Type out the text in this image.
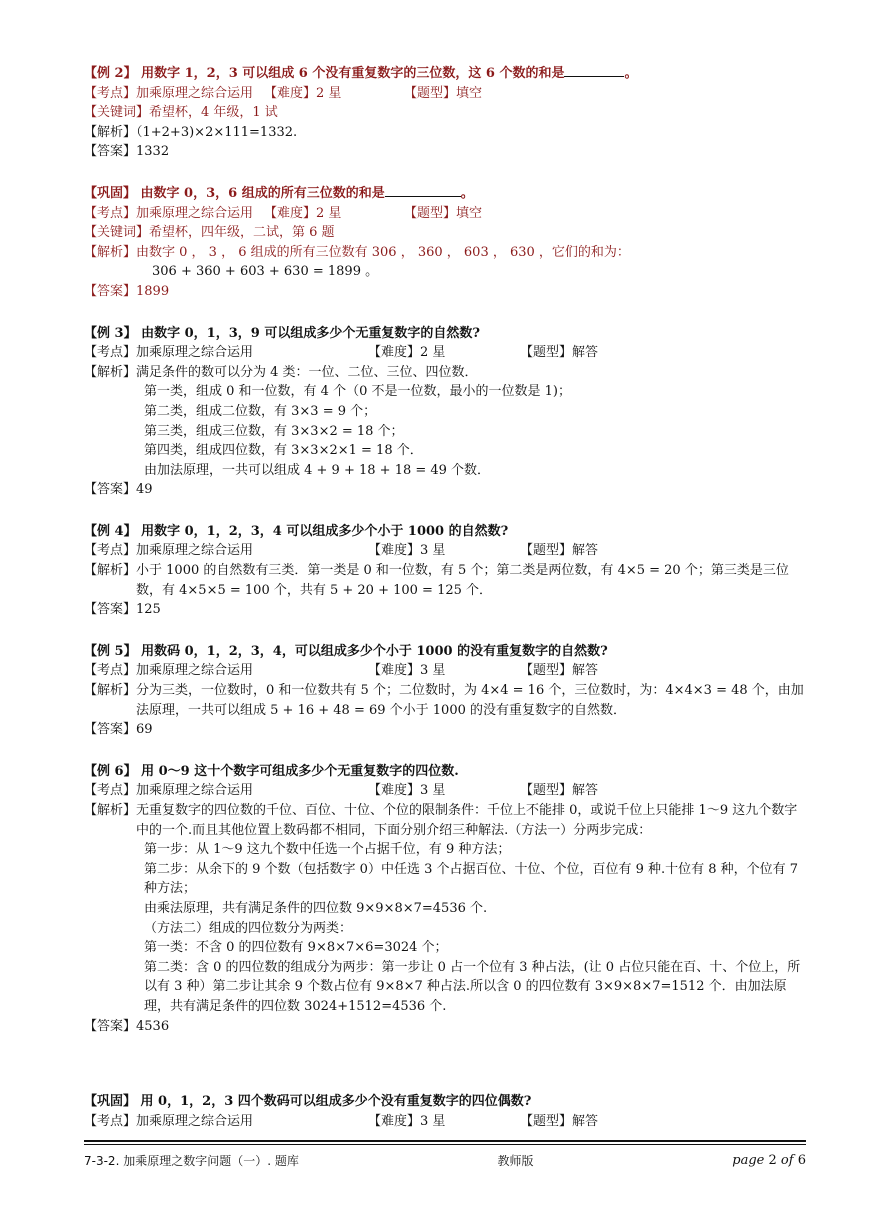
【例 2】 用数字 1，2，3 可以组成 6 个没有重复数字的三位数，这 6 个数的和是	。
【考点】加乘原理之综合运用 【难度】2 星	【题型】填空
【关键词】希望杯，4 年级，1 试
【解析】（1+2+3)×2×111=1332.
【答案】1332
【巩固】 由数字 0，3，6 组成的所有三位数的和是	。
【考点】加乘原理之综合运用 【难度】2 星	【题型】填空
【关键词】希望杯，四年级，二试，第 6 题
【解析】由数字 0 ， 3 ， 6 组成的所有三位数有 306 ， 360 ， 603 ， 630 ，它们的和为：
306 + 360 + 603 + 630 = 1899 。
【答案】1899
【例 3】 由数字 0，1，3，9 可以组成多少个无重复数字的自然数?
【考点】加乘原理之综合运用	【难度】2 星	【题型】解答
【解析】满足条件的数可以分为 4 类：一位、二位、三位、四位数．
第一类，组成 0 和一位数，有 4 个（0 不是一位数，最小的一位数是 1)；
第二类，组成二位数，有 3×3 = 9 个；
第三类，组成三位数，有 3×3×2 = 18 个；
第四类，组成四位数，有 3×3×2×1 = 18 个．
由加法原理，一共可以组成 4 + 9 + 18 + 18 = 49 个数．
【答案】49
【例 4】 用数字 0，1，2，3，4 可以组成多少个小于 1000 的自然数?
【考点】加乘原理之综合运用	【难度】3 星	【题型】解答
【解析】 小于 1000 的自然数有三类．第一类是 0 和一位数，有 5 个；第二类是两位数，有 4×5 = 20 个；第三类是三位数，有 4×5×5 = 100 个，共有 5 + 20 + 100 = 125 个．
【答案】125
【例 5】 用数码 0，1，2，3，4，可以组成多少个小于 1000 的没有重复数字的自然数?
【考点】加乘原理之综合运用	【难度】3 星	【题型】解答
【解析】 分为三类，一位数时，0 和一位数共有 5 个；二位数时，为 4×4 = 16 个，三位数时，为：4×4×3 = 48 个，由加法原理，一共可以组成 5 + 16 + 48 = 69 个小于 1000 的没有重复数字的自然数．
【答案】69
【例 6】 用 0～9 这十个数字可组成多少个无重复数字的四位数.
【考点】加乘原理之综合运用	【难度】3 星	【题型】解答
【解析】 无重复数字的四位数的千位、百位、十位、个位的限制条件：千位上不能排 0，或说千位上只能排 1～9 这九个数字中的一个.而且其他位置上数码都不相同，下面分别介绍三种解法.（方法一）分两步完成：
第一步：从 1～9 这九个数中任选一个占据千位，有 9 种方法；
第二步：从余下的 9 个数（包括数字 0）中任选 3 个占据百位、十位、个位，百位有 9 种.十位有 8 种，个位有 7 种方法；
由乘法原理，共有满足条件的四位数 9×9×8×7=4536 个.
（方法二）组成的四位数分为两类：
第一类：不含 0 的四位数有 9×8×7×6=3024 个；
第二类：含 0 的四位数的组成分为两步：第一步让 0 占一个位有 3 种占法，(让 0 占位只能在百、十、个位上，所以有 3 种）第二步让其余 9 个数占位有 9×8×7 种占法.所以含 0 的四位数有 3×9×8×7=1512 个．由加法原理，共有满足条件的四位数 3024+1512=4536 个.
【答案】4536
【巩固】 用 0，1，2，3 四个数码可以组成多少个没有重复数字的四位偶数?
【考点】加乘原理之综合运用	【难度】3 星	【题型】解答
7-3-2. 加乘原理之数字问题（一）. 题库	教师版	page 2 of 6
